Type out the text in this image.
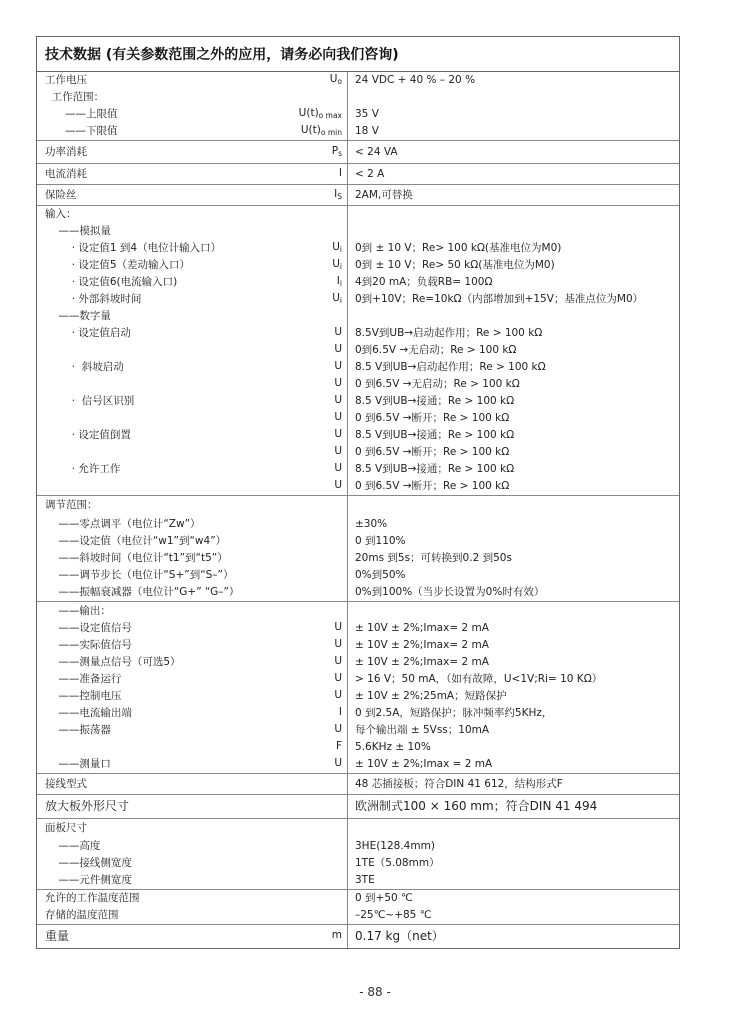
技术数据 (有关参数范围之外的应用，请务必向我们咨询)
工作电压	$U_o$	24 VDC + 40 % – 20 %
工作范围：
——上限值	$U(t)_{o max}$	35 V
——下限值	$U(t)_{o min}$	18 V
功率消耗	$P_s$	< 24 VA
电流消耗	I	< 2 A
保险丝	$I_S$	2AM,可替换
输入：
——模拟量
· 设定值1 到4（电位计输入口）	$U_i$	0到 ± 10 V；Re> 100 kΩ(基准电位为M0)
· 设定值5（差动输入口）	$U_i$	0到 ± 10 V；Re> 50 kΩ(基准电位为M0)
· 设定值6(电流输入口)	$I_i$	4到20 mA；负载RB= 100Ω
· 外部斜坡时间	$U_i$	0到+10V；Re=10kΩ（内部增加到+15V；基准点位为M0）
——数字量
· 设定值启动	U	8.5V到UB→启动起作用；Re > 100 kΩ
U	0到6.5V →无启动；Re > 100 kΩ
·  斜坡启动	U	8.5 V到UB→启动起作用；Re > 100 kΩ
U	0 到6.5V →无启动；Re > 100 kΩ
·  信号区识别	U	8.5 V到UB→接通；Re > 100 kΩ
U	0 到6.5V →断开；Re > 100 kΩ
· 设定值倒置	U	8.5 V到UB→接通；Re > 100 kΩ
U	0 到6.5V →断开；Re > 100 kΩ
· 允许工作	U	8.5 V到UB→接通；Re > 100 kΩ
U	0 到6.5V →断开；Re > 100 kΩ
调节范围：
——零点调平（电位计“Zw”）	±30%
——设定值（电位计“w1”到“w4”）	0 到110%
——斜坡时间（电位计“t1”到“t5”）	20ms 到5s；可转换到0.2 到50s
——调节步长（电位计“S+”到“S–”）	0%到50%
——振幅衰减器（电位计“G+” “G–”）	0%到100%（当步长设置为0%时有效）
——输出：
——设定值信号	U	± 10V ± 2%;Imax= 2 mA
——实际值信号	U	± 10V ± 2%;Imax= 2 mA
——测量点信号（可选5）	U	± 10V ± 2%;Imax= 2 mA
——准备运行	U	> 16 V；50 mA，（如有故障，U<1V;Ri= 10 KΩ）
——控制电压	U	± 10V ± 2%;25mA；短路保护
——电流输出端	I	0 到2.5A，短路保护；脉冲频率约5KHz，
——振荡器	U	每个输出端 ± 5Vss；10mA
F	5.6KHz ± 10%
——测量口	U	± 10V ± 2%;Imax = 2 mA
接线型式	48 芯插接板；符合DIN 41 612，结构形式F
放大板外形尺寸	欧洲制式100 × 160 mm；符合DIN 41 494
面板尺寸
——高度	3HE(128.4mm)
——接线侧宽度	1TE（5.08mm）
——元件侧宽度	3TE
允许的工作温度范围	0 到+50 ℃
存储的温度范围	–25℃~+85 ℃
重量	m	0.17 kg（net）
- 88 -
